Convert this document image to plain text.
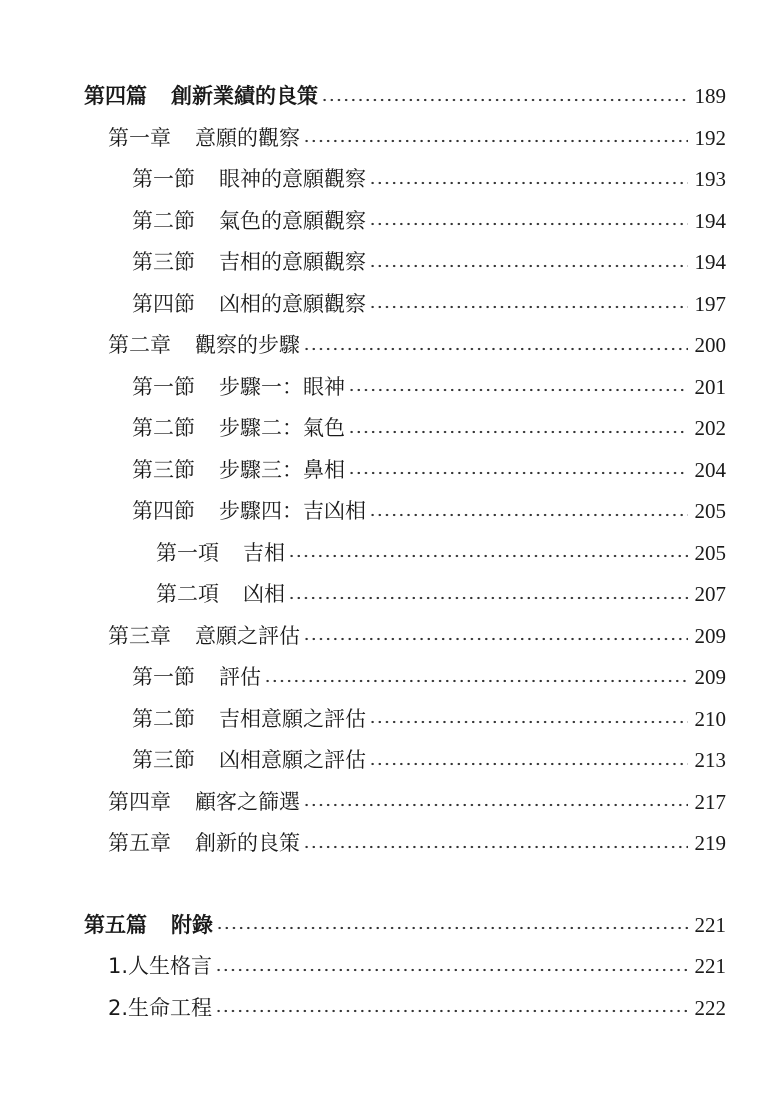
第四篇 創新業績的良策	189
第一章 意願的觀察	192
第一節 眼神的意願觀察	193
第二節 氣色的意願觀察	194
第三節 吉相的意願觀察	194
第四節 凶相的意願觀察	197
第二章 觀察的步驟	200
第一節 步驟一：眼神	201
第二節 步驟二：氣色	202
第三節 步驟三：鼻相	204
第四節 步驟四：吉凶相	205
第一項 吉相	205
第二項 凶相	207
第三章 意願之評估	209
第一節 評估	209
第二節 吉相意願之評估	210
第三節 凶相意願之評估	213
第四章 顧客之篩選	217
第五章 創新的良策	219
第五篇 附錄	221
1.人生格言	221
2.生命工程	222
